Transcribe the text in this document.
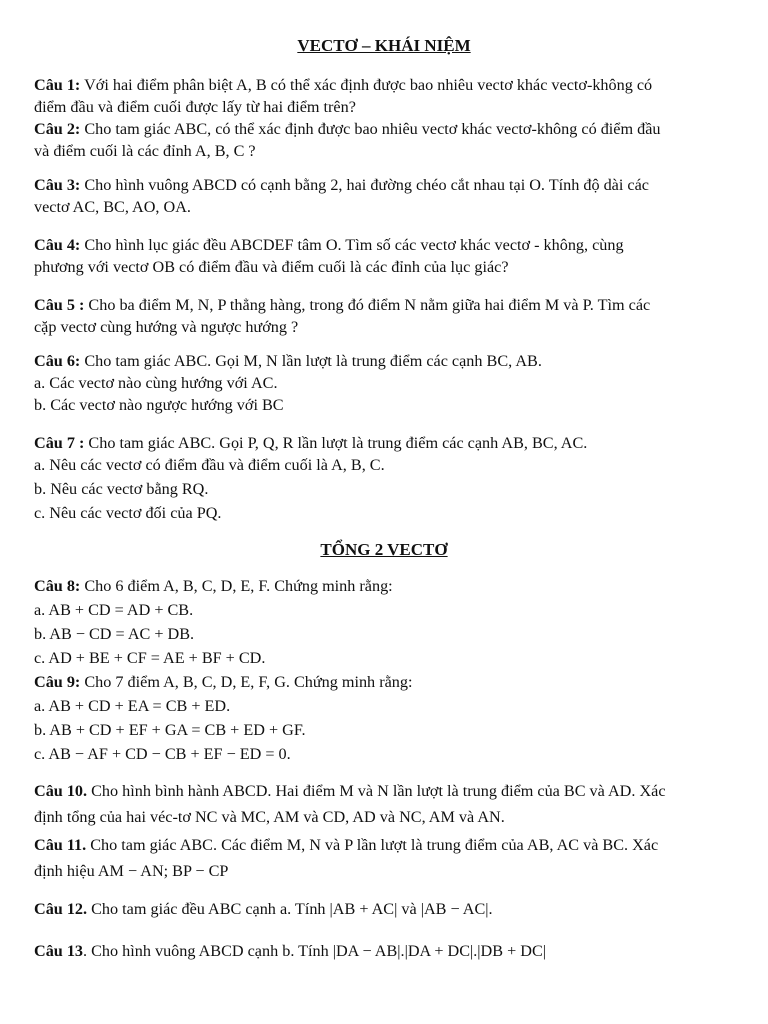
VECTƠ – KHÁI NIỆM
Câu 1: Với hai điểm phân biệt A, B có thể xác định được bao nhiêu vectơ khác vectơ-không có
điểm đầu và điểm cuối được lấy từ hai điểm trên?
Câu 2: Cho tam giác ABC, có thể xác định được bao nhiêu vectơ khác vectơ-không có điểm đầu
và điểm cuối là các đỉnh A, B, C ?
Câu 3: Cho hình vuông ABCD có cạnh bằng 2, hai đường chéo cắt nhau tại O. Tính độ dài các
vectơ AC, BC, AO, OA.
Câu 4: Cho hình lục giác đều ABCDEF tâm O. Tìm số các vectơ khác vectơ - không, cùng
phương với vectơ OB có điểm đầu và điểm cuối là các đỉnh của lục giác?
Câu 5 : Cho ba điểm M, N, P thẳng hàng, trong đó điểm N nằm giữa hai điểm M và P. Tìm các
cặp vectơ cùng hướng và ngược hướng ?
Câu 6: Cho tam giác ABC. Gọi M, N lần lượt là trung điểm các cạnh BC, AB.
a. Các vectơ nào cùng hướng với AC.
b. Các vectơ nào ngược hướng với BC
Câu 7 : Cho tam giác ABC. Gọi P, Q, R lần lượt là trung điểm các cạnh AB, BC, AC.
a. Nêu các vectơ có điểm đầu và điểm cuối là A, B, C.
b. Nêu các vectơ bằng RQ.
c. Nêu các vectơ đối của PQ.
TỔNG 2 VECTƠ
Câu 8: Cho 6 điểm A, B, C, D, E, F. Chứng minh rằng:
a. AB + CD = AD + CB.
b. AB − CD = AC + DB.
c. AD + BE + CF = AE + BF + CD.
Câu 9: Cho 7 điểm A, B, C, D, E, F, G. Chứng minh rằng:
a. AB + CD + EA = CB + ED.
b. AB + CD + EF + GA = CB + ED + GF.
c. AB − AF + CD − CB + EF − ED = 0.
Câu 10. Cho hình bình hành ABCD. Hai điểm M và N lần lượt là trung điểm của BC và AD. Xác
định tổng của hai véc-tơ NC và MC, AM và CD, AD và NC, AM và AN.
Câu 11. Cho tam giác ABC. Các điểm M, N và P lần lượt là trung điểm của AB, AC và BC. Xác
định hiệu AM − AN; BP − CP
Câu 12. Cho tam giác đều ABC cạnh a. Tính |AB + AC| và |AB − AC|.
Câu 13. Cho hình vuông ABCD cạnh b. Tính |DA − AB|.|DA + DC|.|DB + DC|
